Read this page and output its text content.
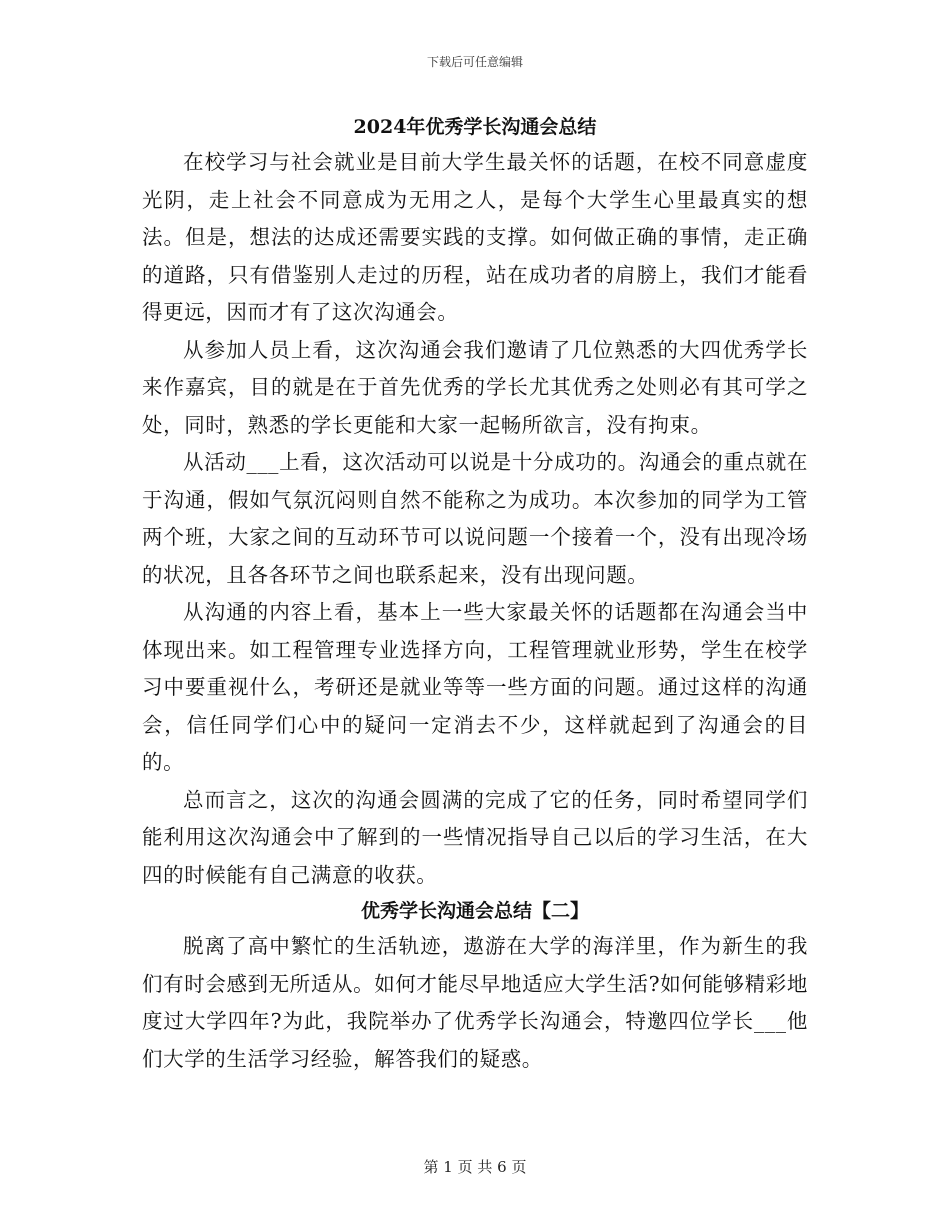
下载后可任意编辑
2024年优秀学长沟通会总结

在校学习与社会就业是目前大学生最关怀的话题，在校不同意虚度光阴，走上社会不同意成为无用之人，是每个大学生心里最真实的想法。但是，想法的达成还需要实践的支撑。如何做正确的事情，走正确的道路，只有借鉴别人走过的历程，站在成功者的肩膀上，我们才能看得更远，因而才有了这次沟通会。

从参加人员上看，这次沟通会我们邀请了几位熟悉的大四优秀学长来作嘉宾，目的就是在于首先优秀的学长尤其优秀之处则必有其可学之处，同时，熟悉的学长更能和大家一起畅所欲言，没有拘束。

从活动___上看，这次活动可以说是十分成功的。沟通会的重点就在于沟通，假如气氛沉闷则自然不能称之为成功。本次参加的同学为工管两个班，大家之间的互动环节可以说问题一个接着一个，没有出现冷场的状况，且各各环节之间也联系起来，没有出现问题。

从沟通的内容上看，基本上一些大家最关怀的话题都在沟通会当中体现出来。如工程管理专业选择方向，工程管理就业形势，学生在校学习中要重视什么，考研还是就业等等一些方面的问题。通过这样的沟通会，信任同学们心中的疑问一定消去不少，这样就起到了沟通会的目的。

总而言之，这次的沟通会圆满的完成了它的任务，同时希望同学们能利用这次沟通会中了解到的一些情况指导自己以后的学习生活，在大四的时候能有自己满意的收获。

优秀学长沟通会总结【二】

脱离了高中繁忙的生活轨迹，遨游在大学的海洋里，作为新生的我们有时会感到无所适从。如何才能尽早地适应大学生活?如何能够精彩地度过大学四年?为此，我院举办了优秀学长沟通会，特邀四位学长___他们大学的生活学习经验，解答我们的疑惑。

第 1 页 共 6 页
